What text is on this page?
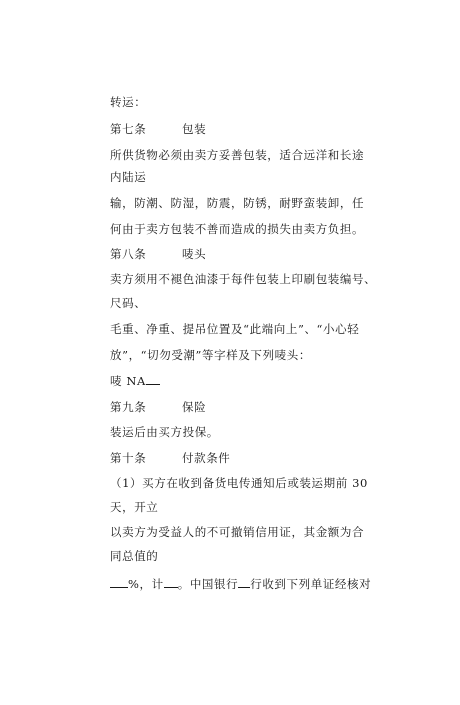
转运：
第七条	包装
所供货物必须由卖方妥善包装，适合远洋和长途
内陆运
输，防潮、防湿，防震，防锈，耐野蛮装卸，任
何由于卖方包装不善而造成的损失由卖方负担。
第八条	唛头
卖方须用不褪色油漆于每件包装上印刷包装编号、
尺码、
毛重、净重、提吊位置及“此端向上”、“小心轻
放”，“切勿受潮”等字样及下列唛头：
唛 NA
第九条	保险
装运后由买方投保。
第十条	付款条件
（1）买方在收到备货电传通知后或装运期前 30
天，开立
以卖方为受益人的不可撤销信用证，其金额为合
同总值的
%，计 。中国银行 行收到下列单证经核对
